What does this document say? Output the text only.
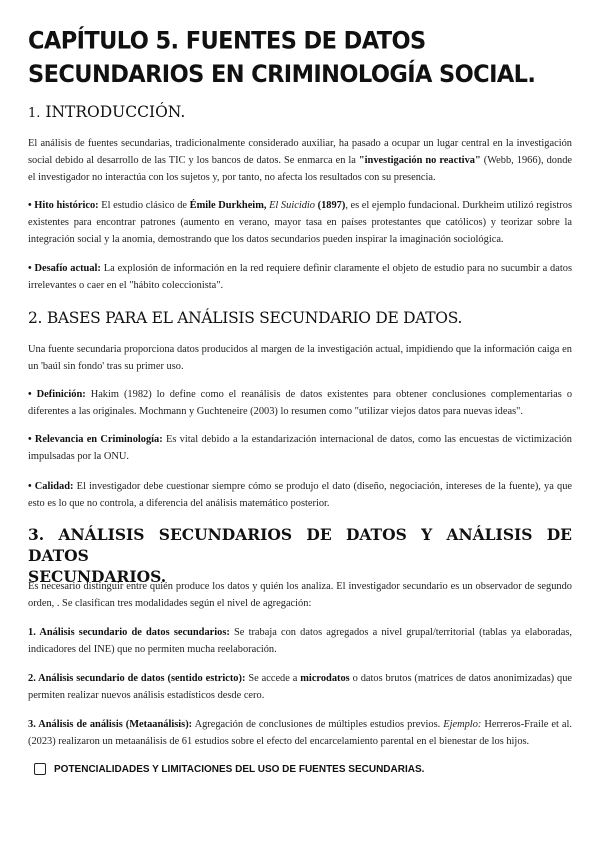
CAPÍTULO 5. FUENTES DE DATOS
SECUNDARIOS EN CRIMINOLOGÍA SOCIAL.
1. INTRODUCCIÓN.

El análisis de fuentes secundarias, tradicionalmente considerado auxiliar, ha pasado a ocupar un lugar central en la investigación social debido al desarrollo de las TIC y los bancos de datos. Se enmarca en la "investigación no reactiva" (Webb, 1966), donde el investigador no interactúa con los sujetos y, por tanto, no afecta los resultados con su presencia.

• Hito histórico: El estudio clásico de Émile Durkheim, El Suicidio (1897), es el ejemplo fundacional. Durkheim utilizó registros existentes para encontrar patrones (aumento en verano, mayor tasa en países protestantes que católicos) y teorizar sobre la integración social y la anomia, demostrando que los datos secundarios pueden inspirar la imaginación sociológica.

• Desafío actual: La explosión de información en la red requiere definir claramente el objeto de estudio para no sucumbir a datos irrelevantes o caer en el "hábito coleccionista".

2. BASES PARA EL ANÁLISIS SECUNDARIO DE DATOS.

Una fuente secundaria proporciona datos producidos al margen de la investigación actual, impidiendo que la información caiga en un 'baúl sin fondo' tras su primer uso.

• Definición: Hakim (1982) lo define como el reanálisis de datos existentes para obtener conclusiones complementarias o diferentes a las originales. Mochmann y Guchteneire (2003) lo resumen como "utilizar viejos datos para nuevas ideas".

• Relevancia en Criminología: Es vital debido a la estandarización internacional de datos, como las encuestas de victimización impulsadas por la ONU.

• Calidad: El investigador debe cuestionar siempre cómo se produjo el dato (diseño, negociación, intereses de la fuente), ya que esto es lo que no controla, a diferencia del análisis matemático posterior.

3. ANÁLISIS SECUNDARIOS DE DATOS Y ANÁLISIS DE DATOS
SECUNDARIOS.

Es necesario distinguir entre quién produce los datos y quién los analiza. El investigador secundario es un observador de segundo orden, . Se clasifican tres modalidades según el nivel de agregación:

1. Análisis secundario de datos secundarios: Se trabaja con datos agregados a nivel grupal/territorial (tablas ya elaboradas, indicadores del INE) que no permiten mucha reelaboración.

2. Análisis secundario de datos (sentido estricto): Se accede a microdatos o datos brutos (matrices de datos anonimizadas) que permiten realizar nuevos análisis estadísticos desde cero.

3. Análisis de análisis (Metaanálisis): Agregación de conclusiones de múltiples estudios previos. Ejemplo: Herreros-Fraile et al. (2023) realizaron un metaanálisis de 61 estudios sobre el efecto del encarcelamiento parental en el bienestar de los hijos.

POTENCIALIDADES Y LIMITACIONES DEL USO DE FUENTES SECUNDARIAS.
